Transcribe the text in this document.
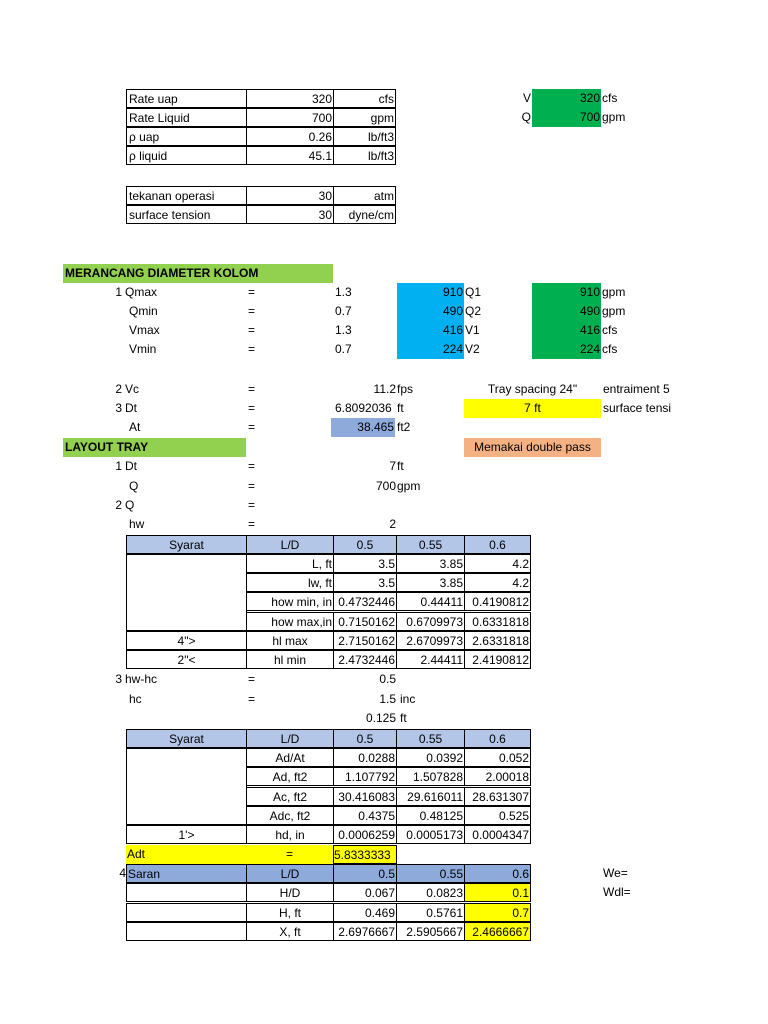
Rate uap	320	cfs
Rate Liquid	700	gpm
ρ uap	0.26	lb/ft3
ρ liquid	45.1	lb/ft3
tekanan operasi	30	atm
surface tension	30	dyne/cm
V	320 cfs
Q	700 gpm
MERANCANG DIAMETER KOLOM
1 Qmax	=	1.3	910 Q1	910 gpm
Qmin	=	0.7	490 Q2	490 gpm
Vmax	=	1.3	416 V1	416 cfs
Vmin	=	0.7	224 V2	224 cfs
2 Vc	=	11.2 fps	Tray spacing 24"	entraiment 5
3 Dt	=	6.8092036 ft	7 ft	surface tensi
At	=	38.465 ft2
LAYOUT TRAY	Memakai double pass
1 Dt	=	7 ft
Q	=	700 gpm
2 Q	=
hw	=	2
Syarat	L/D	0.5	0.55	0.6
L, ft	3.5	3.85	4.2
lw, ft	3.5	3.85	4.2
how min, in 0.4732446	0.44411 0.4190812
how max,in 0.7150162 0.6709973 0.6331818
4">	hl max	2.7150162 2.6709973 2.6331818
2"<	hl min	2.4732446	2.44411 2.4190812
3 hw-hc	=	0.5
hc	=	1.5 inc
0.125 ft
Syarat	L/D	0.5	0.55	0.6
Ad/At	0.0288	0.0392	0.052
Ad, ft2	1.107792	1.507828	2.00018
Ac, ft2	30.416083	29.616011 28.631307
Adc, ft2	0.4375	0.48125	0.525
1'>	hd, in	0.0006259 0.0005173 0.0004347
Adt	=	5.8333333
4 Saran	L/D	0.5	0.55	0.6
H/D	0.067	0.0823	0.1
H, ft	0.469	0.5761	0.7
X, ft	2.6976667 2.5905667 2.4666667
We=
Wdl=
